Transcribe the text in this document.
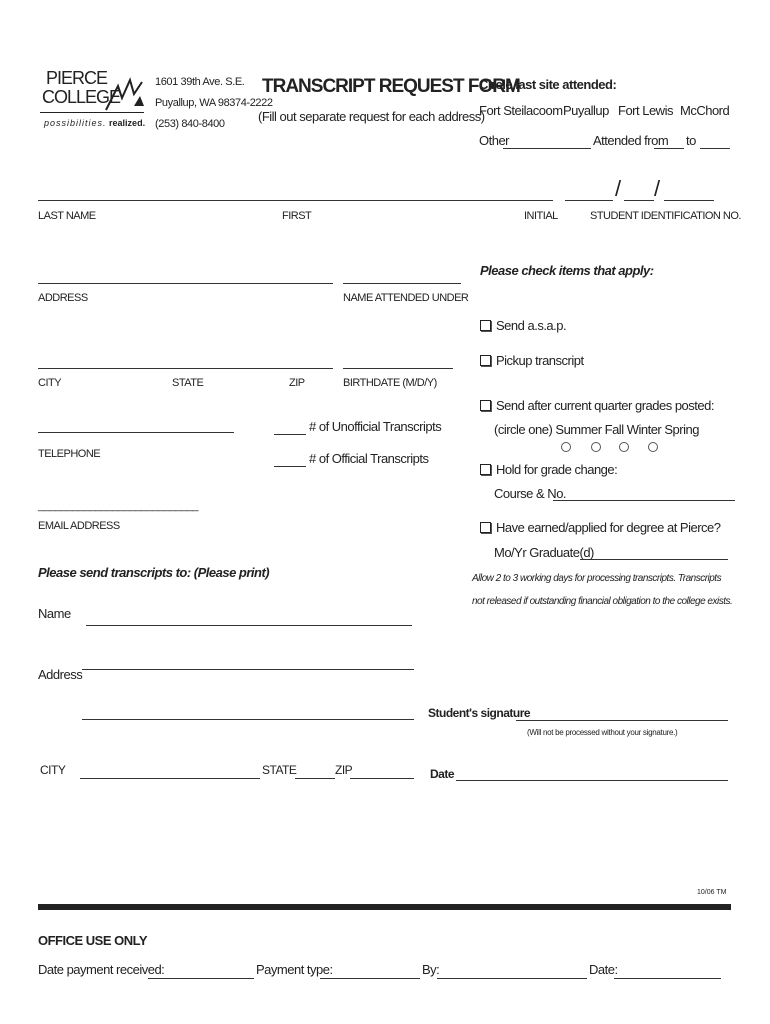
PIERCE
COLLEGE
possibilities. realized.
1601 39th Ave. S.E.
Puyallup, WA 98374-2222
(253) 840-8400
TRANSCRIPT REQUEST FORM
(Fill out separate request for each address)
Circle last site attended:
Fort Steilacoom Puyallup Fort Lewis McChord
Other	Attended from to
/ /
LAST NAME	FIRST	INITIAL	STUDENT IDENTIFICATION NO.
ADDRESS	NAME ATTENDED UNDER
CITY	STATE	ZIP	BIRTHDATE (M/D/Y)
TELEPHONE
# of Unofficial Transcripts
# of Official Transcripts
____________________________
EMAIL ADDRESS
Please check items that apply:
Send a.s.a.p.
Pickup transcript
Send after current quarter grades posted:
(circle one) Summer Fall Winter Spring
Hold for grade change:
Course & No.
Have earned/applied for degree at Pierce?
Mo/Yr Graduate(d)
Allow 2 to 3 working days for processing transcripts. Transcripts
not released if outstanding financial obligation to the college exists.
Please send transcripts to: (Please print)
Name
Address
CITY	STATE	ZIP
Student's signature
(Will not be processed without your signature.)
Date
10/06 TM
OFFICE USE ONLY
Date payment received:	Payment type:	By:	Date:
